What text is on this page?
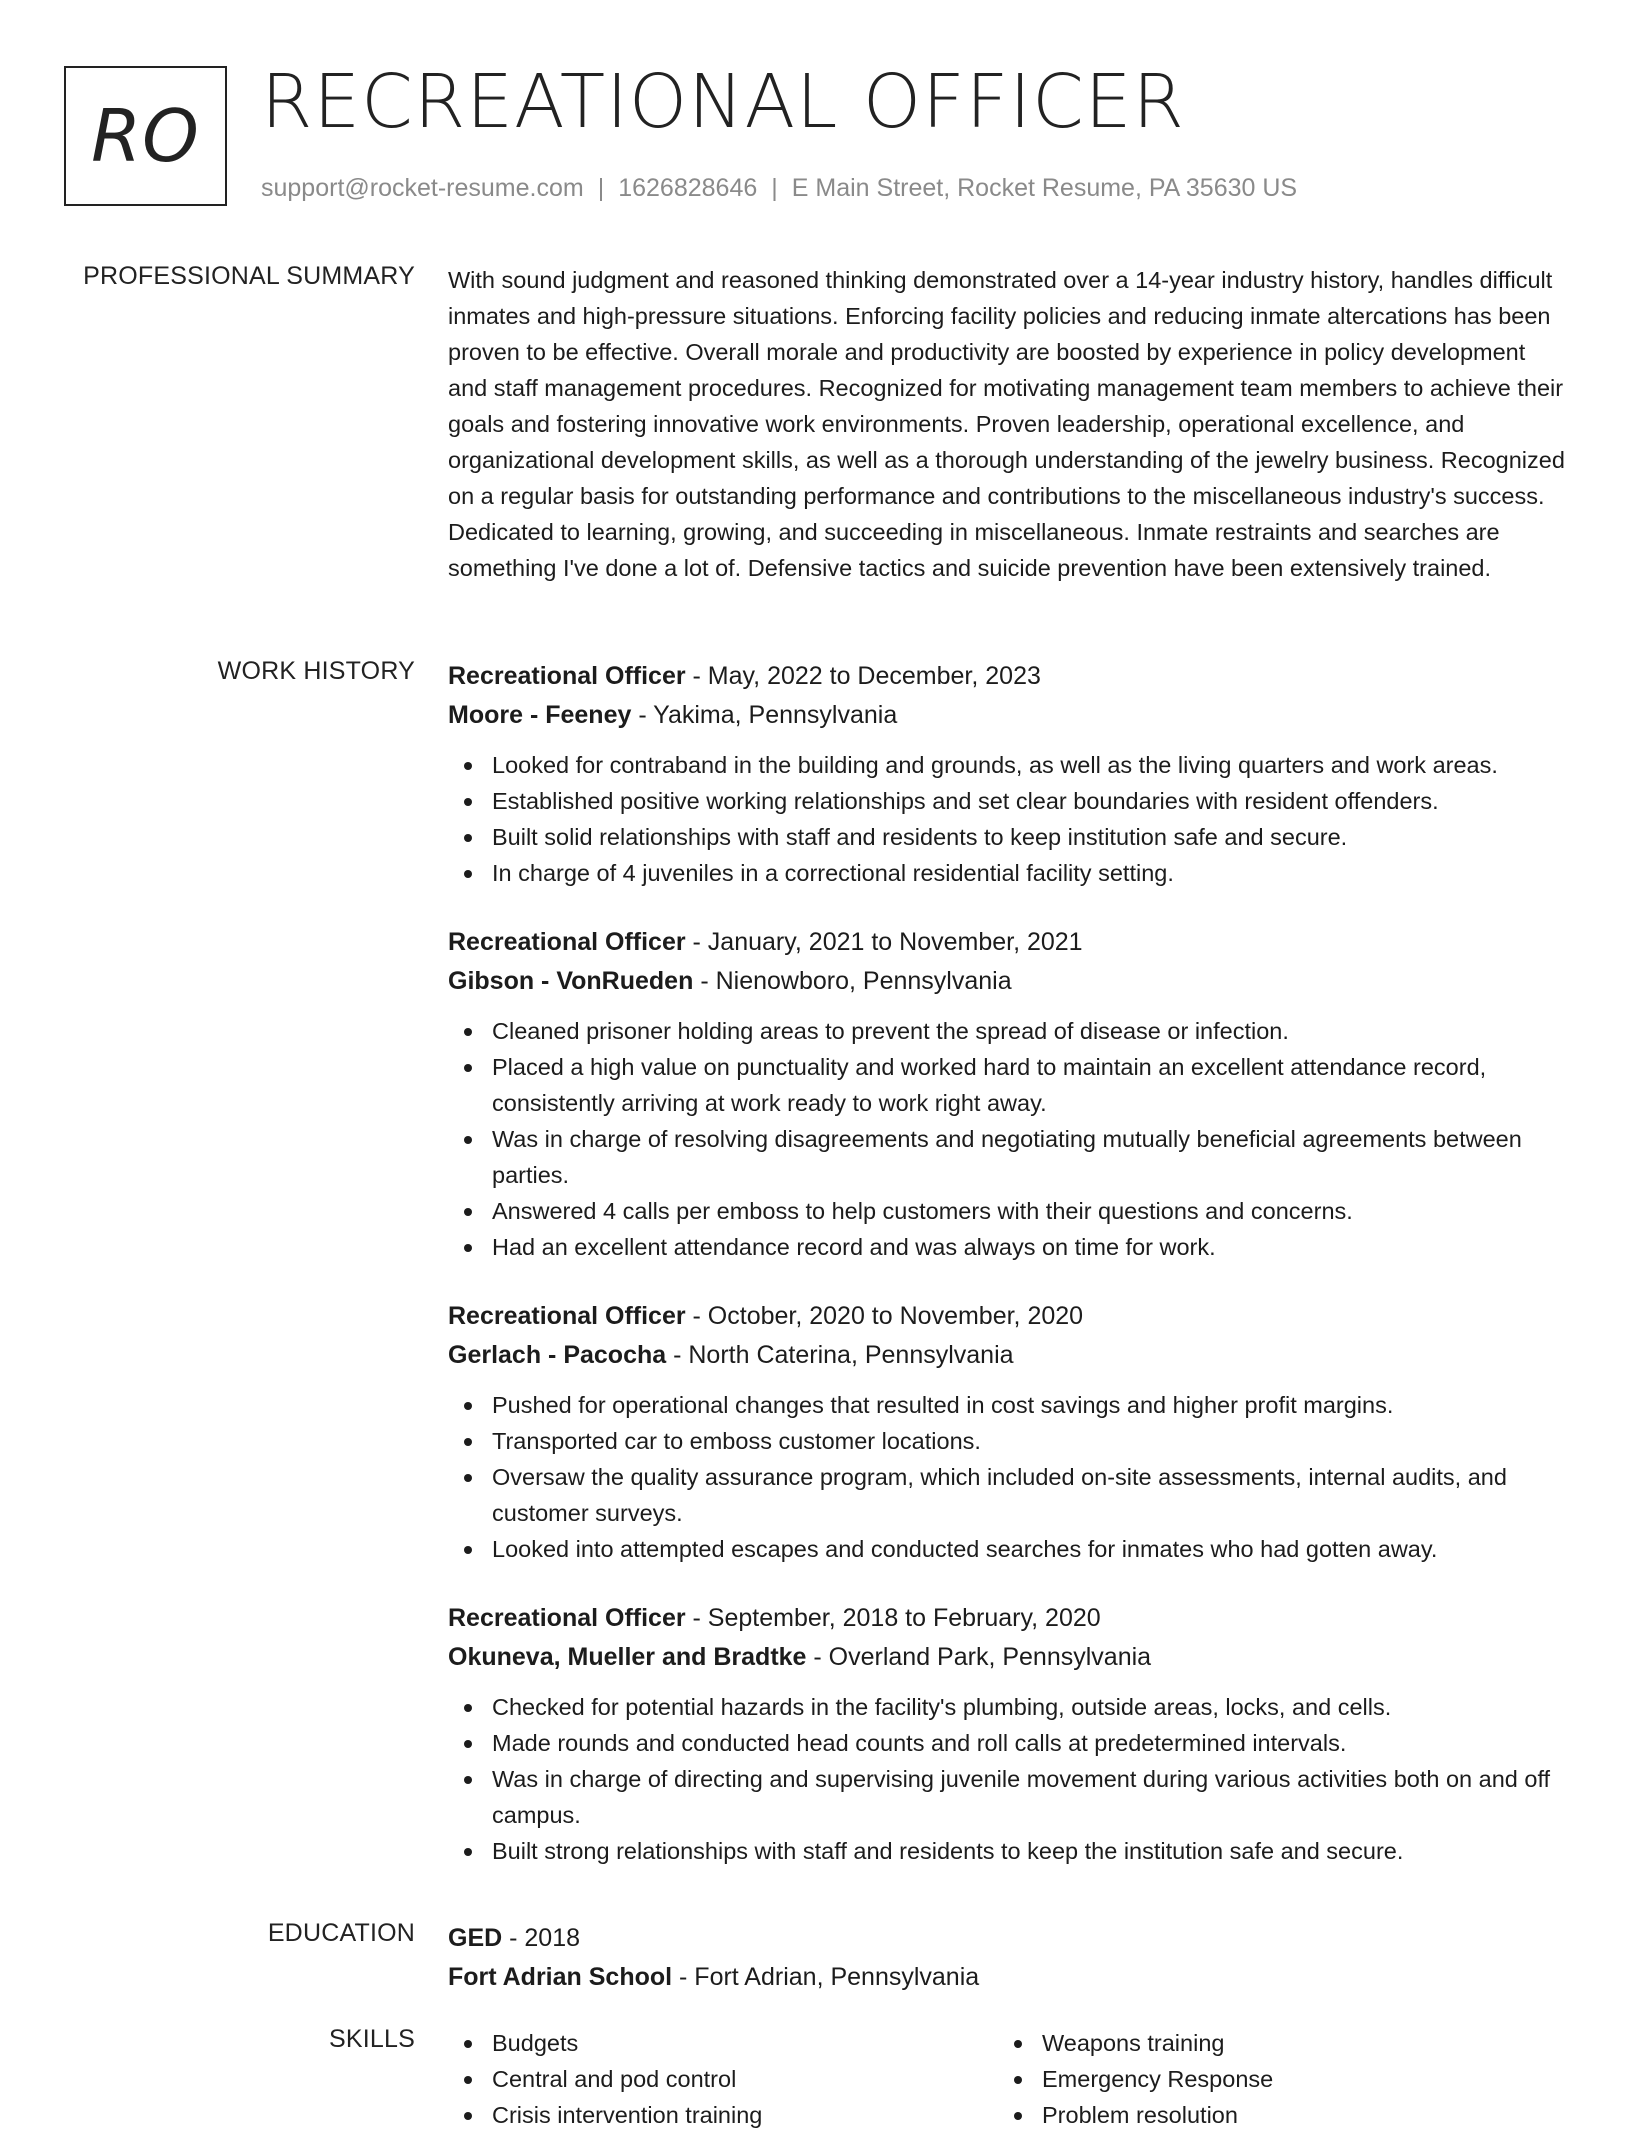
RO RECREATIONAL OFFICER
support@rocket-resume.com | 1626828646 | E Main Street, Rocket Resume, PA 35630 US
PROFESSIONAL SUMMARY With sound judgment and reasoned thinking demonstrated over a 14-year industry history, handles difficult inmates and high-pressure situations. Enforcing facility policies and reducing inmate altercations has been proven to be effective. Overall morale and productivity are boosted by experience in policy development and staff management procedures. Recognized for motivating management team members to achieve their goals and fostering innovative work environments. Proven leadership, operational excellence, and organizational development skills, as well as a thorough understanding of the jewelry business. Recognized on a regular basis for outstanding performance and contributions to the miscellaneous industry's success. Dedicated to learning, growing, and succeeding in miscellaneous. Inmate restraints and searches are something I've done a lot of. Defensive tactics and suicide prevention have been extensively trained.

WORK HISTORY Recreational Officer - May, 2022 to December, 2023
Moore - Feeney - Yakima, Pennsylvania
Looked for contraband in the building and grounds, as well as the living quarters and work areas.
Established positive working relationships and set clear boundaries with resident offenders.
Built solid relationships with staff and residents to keep institution safe and secure.
In charge of 4 juveniles in a correctional residential facility setting.
Recreational Officer - January, 2021 to November, 2021
Gibson - VonRueden - Nienowboro, Pennsylvania
Cleaned prisoner holding areas to prevent the spread of disease or infection.
Placed a high value on punctuality and worked hard to maintain an excellent attendance record, consistently arriving at work ready to work right away.
Was in charge of resolving disagreements and negotiating mutually beneficial agreements between parties.
Answered 4 calls per emboss to help customers with their questions and concerns.
Had an excellent attendance record and was always on time for work.
Recreational Officer - October, 2020 to November, 2020
Gerlach - Pacocha - North Caterina, Pennsylvania
Pushed for operational changes that resulted in cost savings and higher profit margins.
Transported car to emboss customer locations.
Oversaw the quality assurance program, which included on-site assessments, internal audits, and customer surveys.
Looked into attempted escapes and conducted searches for inmates who had gotten away.
Recreational Officer - September, 2018 to February, 2020
Okuneva, Mueller and Bradtke - Overland Park, Pennsylvania
Checked for potential hazards in the facility's plumbing, outside areas, locks, and cells.
Made rounds and conducted head counts and roll calls at predetermined intervals.
Was in charge of directing and supervising juvenile movement during various activities both on and off campus.
Built strong relationships with staff and residents to keep the institution safe and secure.
EDUCATION GED - 2018
Fort Adrian School - Fort Adrian, Pennsylvania
SKILLS	Budgets
Central and pod control
Crisis intervention training
Weapons training
Emergency Response
Problem resolution
